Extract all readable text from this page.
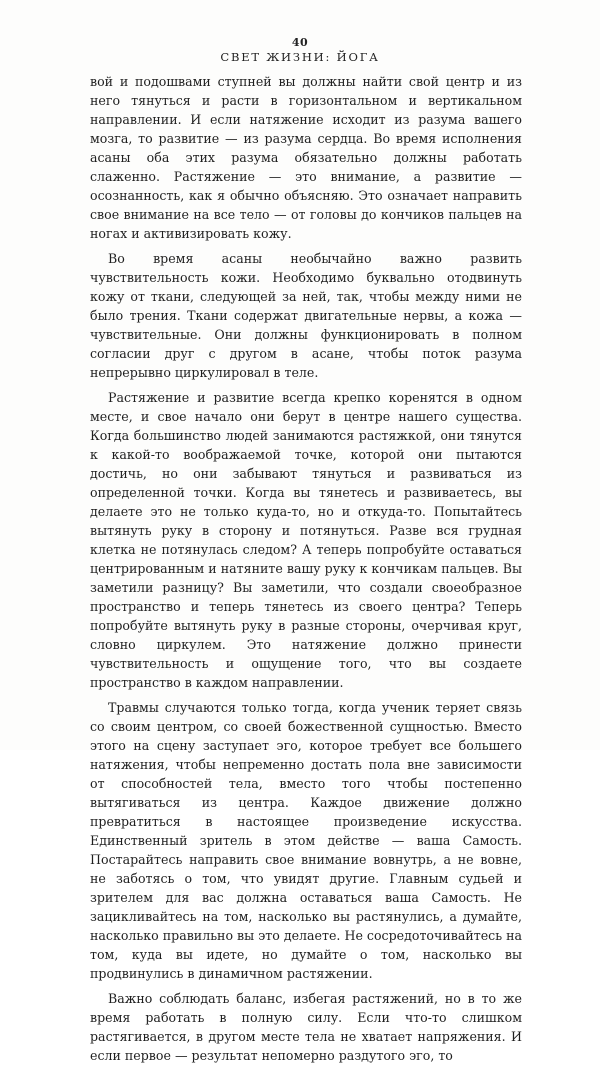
40
СВЕТ ЖИЗНИ: ЙОГА

вой и подошвами ступней вы должны найти свой центр и из него тянуться и расти в горизонтальном и вертикальном направлении. И если натяжение исходит из разума вашего мозга, то развитие — из разума сердца. Во время исполнения асаны оба этих разума обязательно должны работать слаженно. Растяжение — это внимание, а развитие — осознанность, как я обычно объясняю. Это означает направить свое внимание на все тело — от головы до кончиков пальцев на ногах и активизировать кожу.

Во время асаны необычайно важно развить чувствительность кожи. Необходимо буквально отодвинуть кожу от ткани, следующей за ней, так, чтобы между ними не было трения. Ткани содержат двигательные нервы, а кожа — чувствительные. Они должны функционировать в полном согласии друг с другом в асане, чтобы поток разума непрерывно циркулировал в теле.

Растяжение и развитие всегда крепко коренятся в одном месте, и свое начало они берут в центре нашего существа. Когда большинство людей занимаются растяжкой, они тянутся к какой-то воображаемой точке, которой они пытаются достичь, но они забывают тянуться и развиваться из определенной точки. Когда вы тянетесь и развиваетесь, вы делаете это не только куда-то, но и откуда-то. Попытайтесь вытянуть руку в сторону и потянуться. Разве вся грудная клетка не потянулась следом? А теперь попробуйте оставаться центрированным и натяните вашу руку к кончикам пальцев. Вы заметили разницу? Вы заметили, что создали своеобразное пространство и теперь тянетесь из своего центра? Теперь попробуйте вытянуть руку в разные стороны, очерчивая круг, словно циркулем. Это натяжение должно принести чувствительность и ощущение того, что вы создаете пространство в каждом направлении.

Травмы случаются только тогда, когда ученик теряет связь со своим центром, со своей божественной сущностью. Вместо этого на сцену заступает эго, которое требует все большего натяжения, чтобы непременно достать пола вне зависимости от способностей тела, вместо того чтобы постепенно вытягиваться из центра. Каждое движение должно превратиться в настоящее произведение искусства. Единственный зритель в этом действе — ваша Самость. Постарайтесь направить свое внимание вовнутрь, а не вовне, не заботясь о том, что увидят другие. Главным судьей и зрителем для вас должна оставаться ваша Самость. Не зацикливайтесь на том, насколько вы растянулись, а думайте, насколько правильно вы это делаете. Не сосредоточивайтесь на том, куда вы идете, но думайте о том, насколько вы продвинулись в динамичном растяжении.

Важно соблюдать баланс, избегая растяжений, но в то же время работать в полную силу. Если что-то слишком растягивается, в другом месте тела не хватает напряжения. И если первое — результат непомерно раздутого эго, то
